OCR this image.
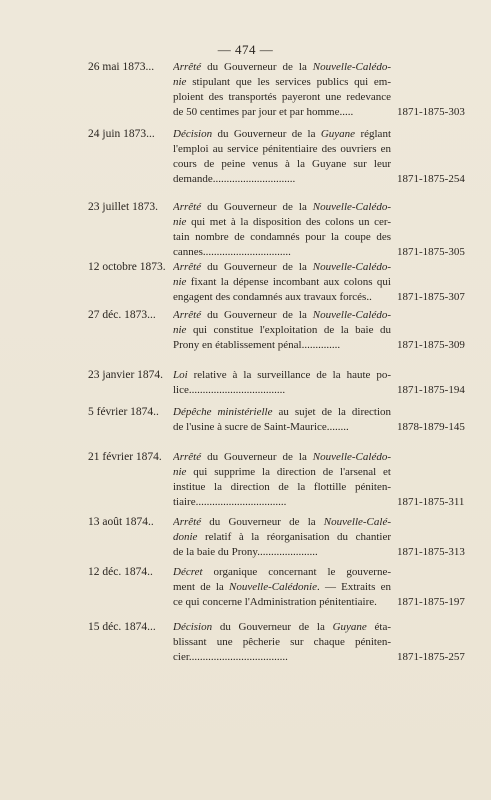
— 474 —
26 mai 1873... Arrêté du Gouverneur de la Nouvelle-Calédo-
nie stipulant que les services publics qui em-
ploient des transportés payeront une redevance
de 50 centimes par jour et par homme.....	1871-1875-303
24 juin 1873... Décision du Gouverneur de la Guyane réglant
l'emploi au service pénitentiaire des ouvriers en
cours de peine venus à la Guyane sur leur
demande..............................	1871-1875-254
23 juillet 1873. Arrêté du Gouverneur de la Nouvelle-Calédo-
nie qui met à la disposition des colons un cer-
tain nombre de condamnés pour la coupe des
cannes................................	1871-1875-305
12 octobre 1873. Arrêté du Gouverneur de la Nouvelle-Calédo-
nie fixant la dépense incombant aux colons qui
engagent des condamnés aux travaux forcés..	1871-1875-307
27 déc. 1873... Arrêté du Gouverneur de la Nouvelle-Calédo-
nie qui constitue l'exploitation de la baie du
Prony en établissement pénal..............	1871-1875-309
23 janvier 1874. Loi relative à la surveillance de la haute po-
lice...................................	1871-1875-194
5 février 1874.. Dépêche ministérielle au sujet de la direction
de l'usine à sucre de Saint-Maurice........	1878-1879-145
21 février 1874. Arrêté du Gouverneur de la Nouvelle-Calédo-
nie qui supprime la direction de l'arsenal et
institue la direction de la flottille péniten-
tiaire.................................	1871-1875-311
13 août 1874.. Arrêté du Gouverneur de la Nouvelle-Calé-
donie relatif à la réorganisation du chantier
de la baie du Prony......................	1871-1875-313
12 déc. 1874.. Décret organique concernant le gouverne-
ment de la Nouvelle-Calédonie. — Extraits en
ce qui concerne l'Administration pénitentiaire.	1871-1875-197
15 déc. 1874... Décision du Gouverneur de la Guyane éta-
blissant une pêcherie sur chaque péniten-
cier....................................	1871-1875-257
